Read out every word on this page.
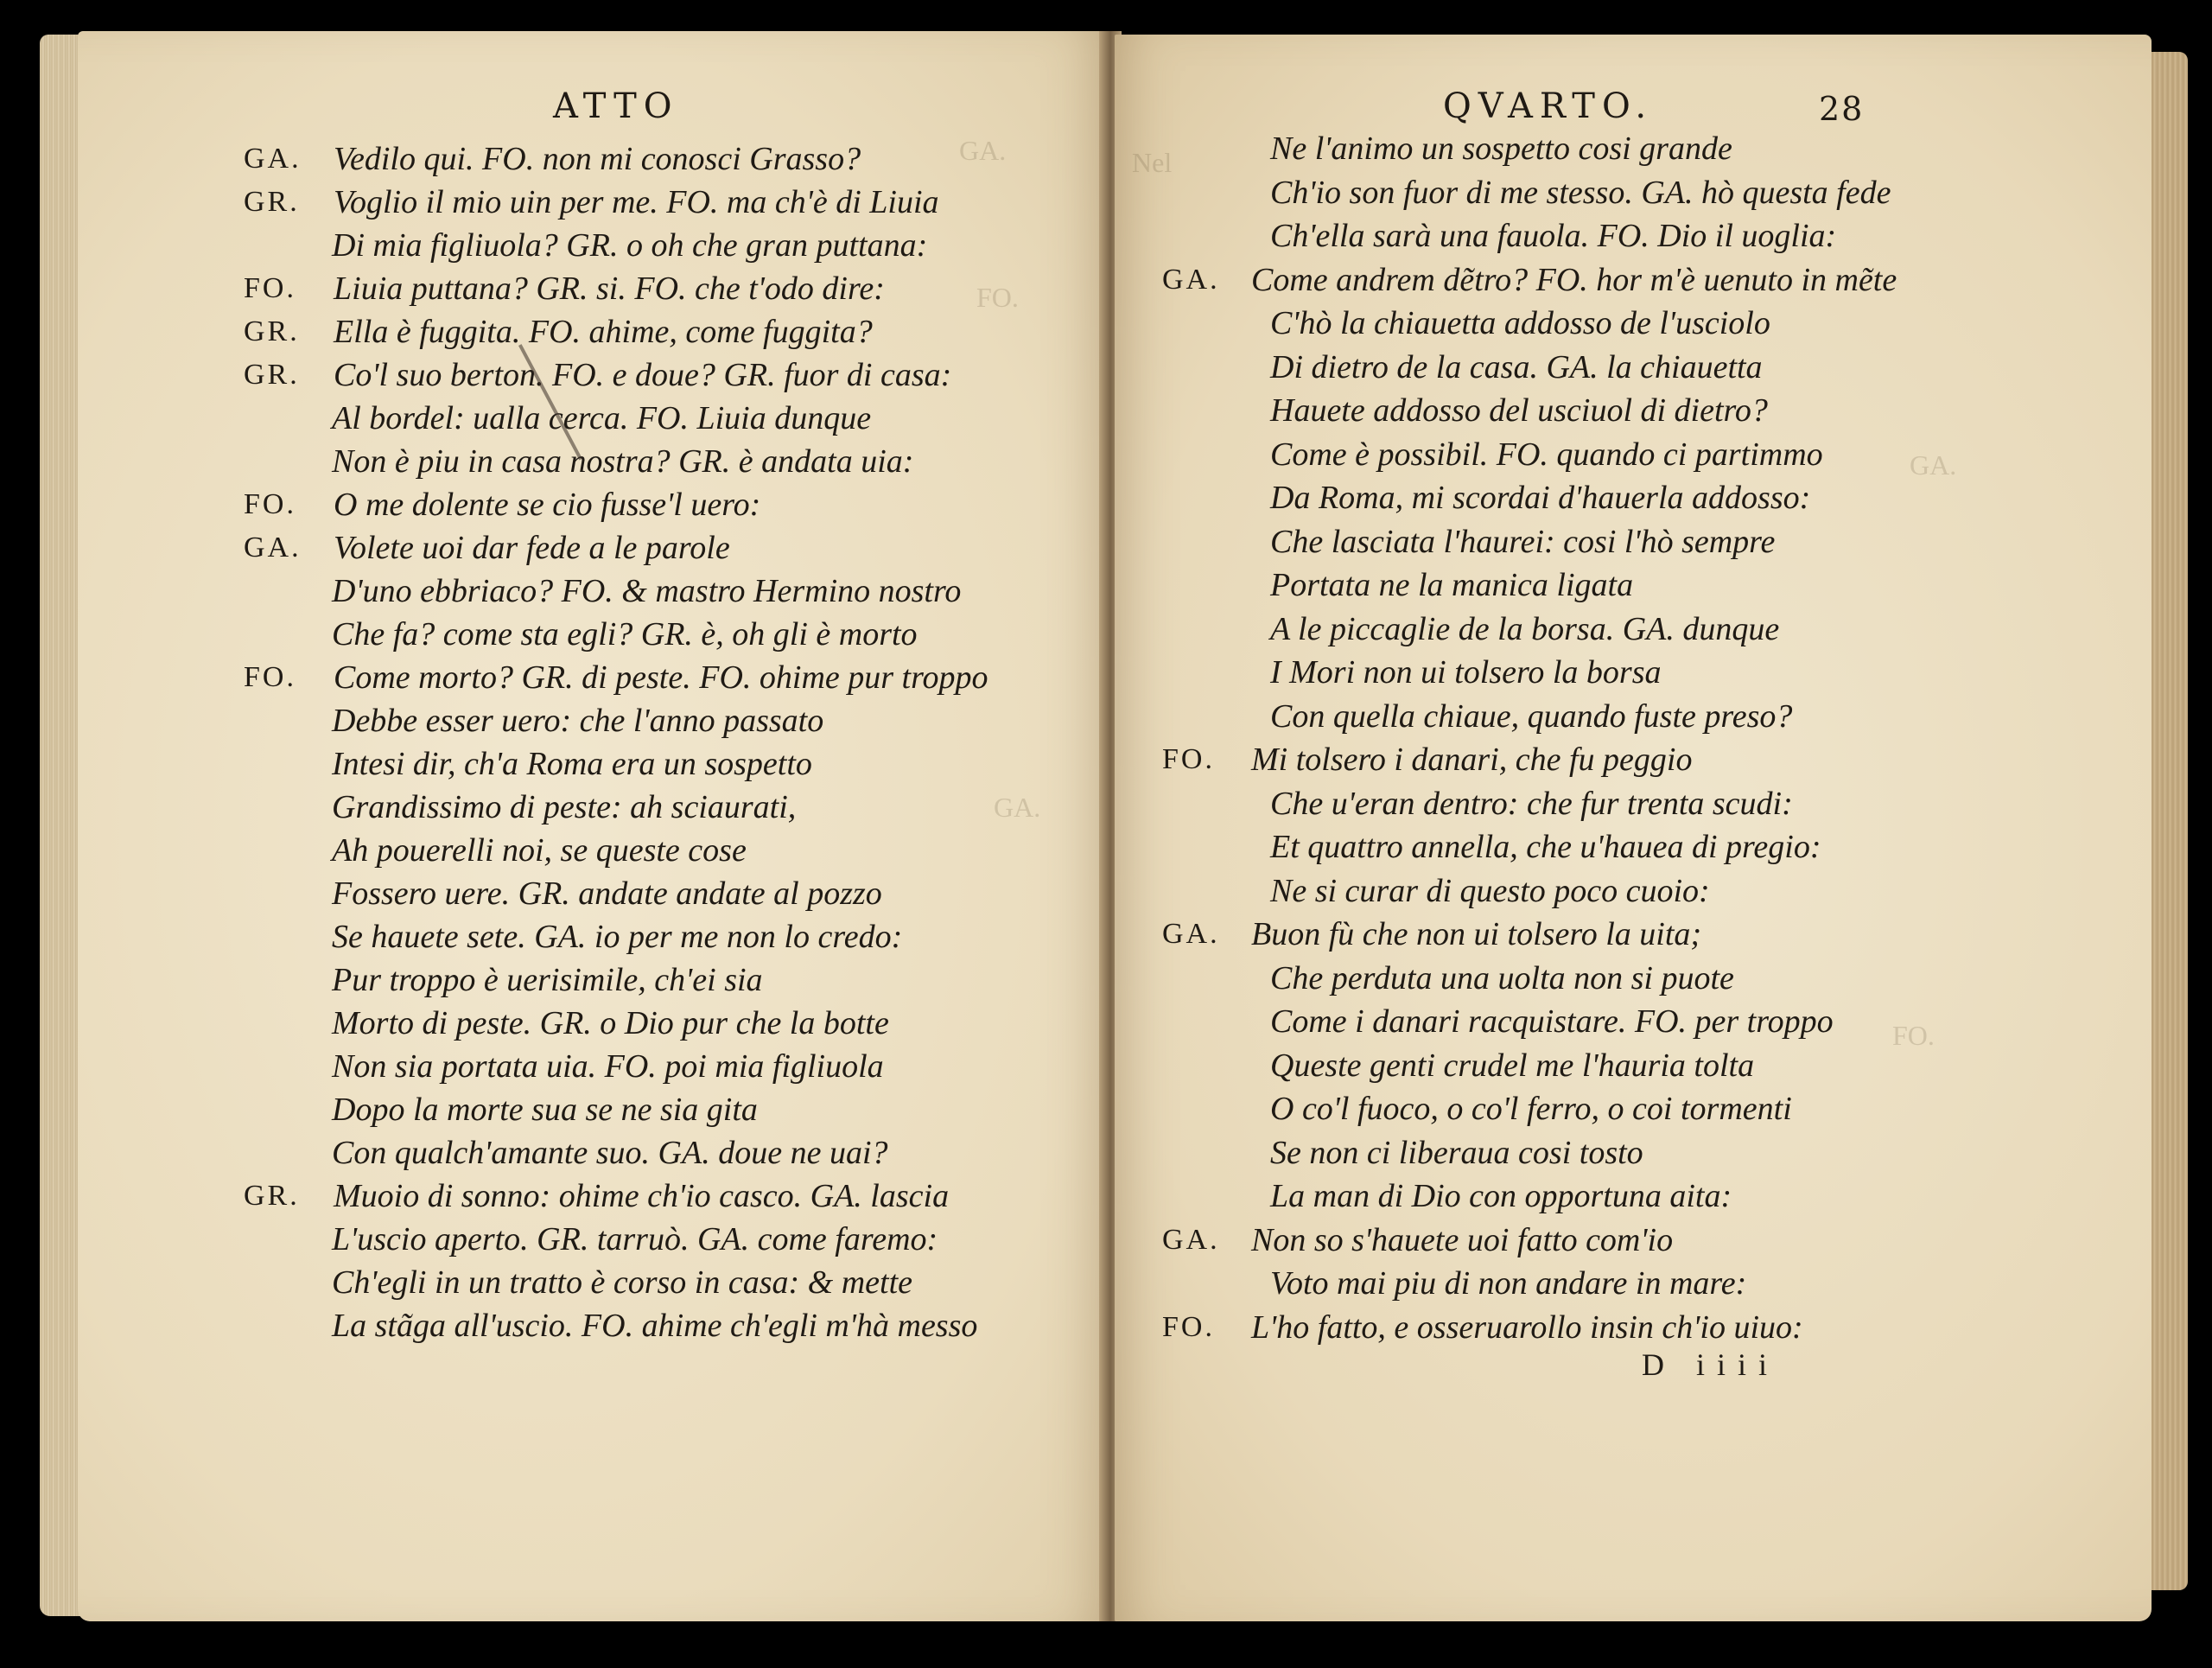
GA.
FO.
GA.
Nel
GA.
FO.
ATTO	QVARTO.	28
GA. Vedilo qui. FO. non mi conosci Grasso?
GR. Voglio il mio uin per me. FO. ma ch'è di Liuia
Di mia figliuola? GR. o oh che gran puttana:
FO. Liuia puttana? GR. si. FO. che t'odo dire:
GR. Ella è fuggita. FO. ahime, come fuggita?
GR. Co'l suo berton. FO. e doue? GR. fuor di casa:
Al bordel: ualla cerca. FO. Liuia dunque
Non è piu in casa nostra? GR. è andata uia:
FO. O me dolente se cio fusse'l uero:
GA. Volete uoi dar fede a le parole
D'uno ebbriaco? FO. & mastro Hermino nostro
Che fa? come sta egli? GR. è, oh gli è morto
FO. Come morto? GR. di peste. FO. ohime pur troppo
Debbe esser uero: che l'anno passato
Intesi dir, ch'a Roma era un sospetto
Grandissimo di peste: ah sciaurati,
Ah pouerelli noi, se queste cose
Fossero uere. GR. andate andate al pozzo
Se hauete sete. GA. io per me non lo credo:
Pur troppo è uerisimile, ch'ei sia
Morto di peste. GR. o Dio pur che la botte
Non sia portata uia. FO. poi mia figliuola
Dopo la morte sua se ne sia gita
Con qualch'amante suo. GA. doue ne uai?
GR. Muoio di sonno: ohime ch'io casco. GA. lascia
L'uscio aperto. GR. tarruò. GA. come faremo:
Ch'egli in un tratto è corso in casa: & mette
La stãga all'uscio. FO. ahime ch'egli m'hà messo
Ne l'animo un sospetto cosi grande
Ch'io son fuor di me stesso. GA. hò questa fede
Ch'ella sarà una fauola. FO. Dio il uoglia:
GA. Come andrem dẽtro? FO. hor m'è uenuto in mẽte
C'hò la chiauetta addosso de l'usciolo
Di dietro de la casa. GA. la chiauetta
Hauete addosso del usciuol di dietro?
Come è possibil. FO. quando ci partimmo
Da Roma, mi scordai d'hauerla addosso:
Che lasciata l'haurei: cosi l'hò sempre
Portata ne la manica ligata
A le piccaglie de la borsa. GA. dunque
I Mori non ui tolsero la borsa
Con quella chiaue, quando fuste preso?
FO. Mi tolsero i danari, che fu peggio
Che u'eran dentro: che fur trenta scudi:
Et quattro annella, che u'hauea di pregio:
Ne si curar di questo poco cuoio:
GA. Buon fù che non ui tolsero la uita;
Che perduta una uolta non si puote
Come i danari racquistare. FO. per troppo
Queste genti crudel me l'hauria tolta
O co'l fuoco, o co'l ferro, o coi tormenti
Se non ci liberaua cosi tosto
La man di Dio con opportuna aita:
GA. Non so s'hauete uoi fatto com'io
Voto mai piu di non andare in mare:
FO. L'ho fatto, e osseruarollo insin ch'io uiuo:
D iiii
